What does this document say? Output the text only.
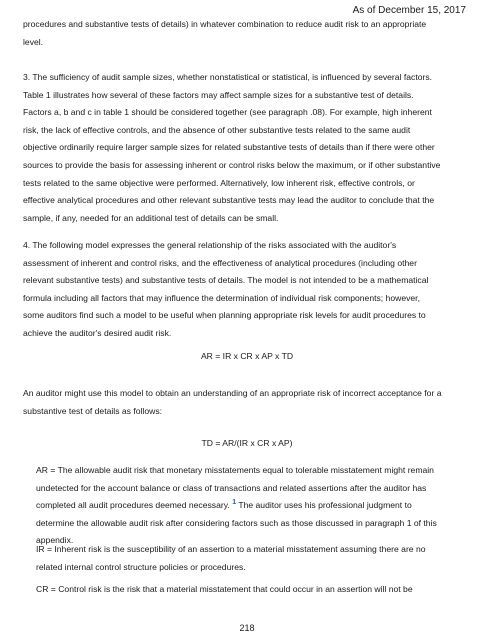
As of December 15, 2017

procedures and substantive tests of details) in whatever combination to reduce audit risk to an appropriate
level.

3. The sufficiency of audit sample sizes, whether nonstatistical or statistical, is influenced by several factors.
Table 1 illustrates how several of these factors may affect sample sizes for a substantive test of details.
Factors a, b and c in table 1 should be considered together (see paragraph .08). For example, high inherent
risk, the lack of effective controls, and the absence of other substantive tests related to the same audit
objective ordinarily require larger sample sizes for related substantive tests of details than if there were other
sources to provide the basis for assessing inherent or control risks below the maximum, or if other substantive
tests related to the same objective were performed. Alternatively, low inherent risk, effective controls, or
effective analytical procedures and other relevant substantive tests may lead the auditor to conclude that the
sample, if any, needed for an additional test of details can be small.

4. The following model expresses the general relationship of the risks associated with the auditor's
assessment of inherent and control risks, and the effectiveness of analytical procedures (including other
relevant substantive tests) and substantive tests of details. The model is not intended to be a mathematical
formula including all factors that may influence the determination of individual risk components; however,
some auditors find such a model to be useful when planning appropriate risk levels for audit procedures to
achieve the auditor's desired audit risk.

AR = IR x CR x AP x TD

An auditor might use this model to obtain an understanding of an appropriate risk of incorrect acceptance for a
substantive test of details as follows:

TD = AR/(IR x CR x AP)

AR = The allowable audit risk that monetary misstatements equal to tolerable misstatement might remain
undetected for the account balance or class of transactions and related assertions after the auditor has
completed all audit procedures deemed necessary. $^1$ The auditor uses his professional judgment to
determine the allowable audit risk after considering factors such as those discussed in paragraph 1 of this
appendix.

IR = Inherent risk is the susceptibility of an assertion to a material misstatement assuming there are no
related internal control structure policies or procedures.

CR = Control risk is the risk that a material misstatement that could occur in an assertion will not be

218
